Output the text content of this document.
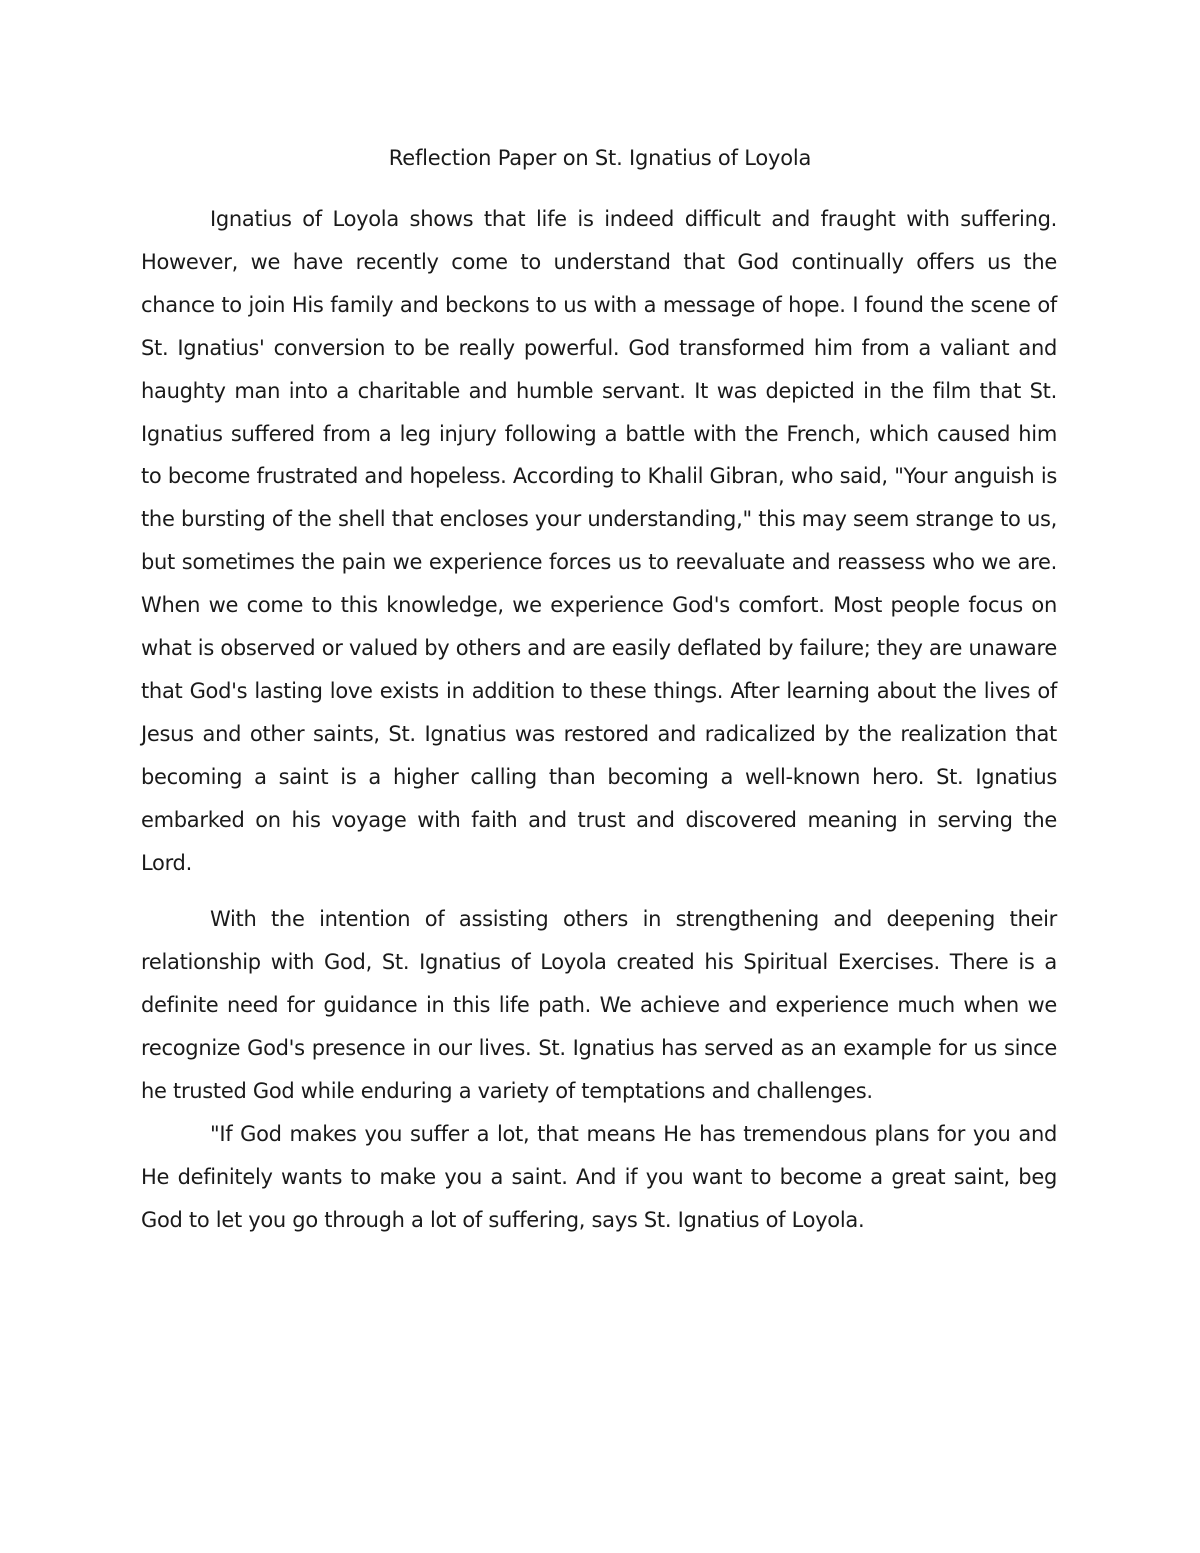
Reflection Paper on St. Ignatius of Loyola

Ignatius of Loyola shows that life is indeed difficult and fraught with suffering. However, we have recently come to understand that God continually offers us the chance to join His family and beckons to us with a message of hope. I found the scene of St. Ignatius' conversion to be really powerful. God transformed him from a valiant and haughty man into a charitable and humble servant. It was depicted in the film that St. Ignatius suffered from a leg injury following a battle with the French, which caused him to become frustrated and hopeless. According to Khalil Gibran, who said, "Your anguish is the bursting of the shell that encloses your understanding," this may seem strange to us, but sometimes the pain we experience forces us to reevaluate and reassess who we are. When we come to this knowledge, we experience God's comfort. Most people focus on what is observed or valued by others and are easily deflated by failure; they are unaware that God's lasting love exists in addition to these things. After learning about the lives of Jesus and other saints, St. Ignatius was restored and radicalized by the realization that becoming a saint is a higher calling than becoming a well-known hero. St. Ignatius embarked on his voyage with faith and trust and discovered meaning in serving the Lord.

With the intention of assisting others in strengthening and deepening their relationship with God, St. Ignatius of Loyola created his Spiritual Exercises. There is a definite need for guidance in this life path. We achieve and experience much when we recognize God's presence in our lives. St. Ignatius has served as an example for us since he trusted God while enduring a variety of temptations and challenges.

"If God makes you suffer a lot, that means He has tremendous plans for you and He definitely wants to make you a saint. And if you want to become a great saint, beg God to let you go through a lot of suffering, says St. Ignatius of Loyola.
